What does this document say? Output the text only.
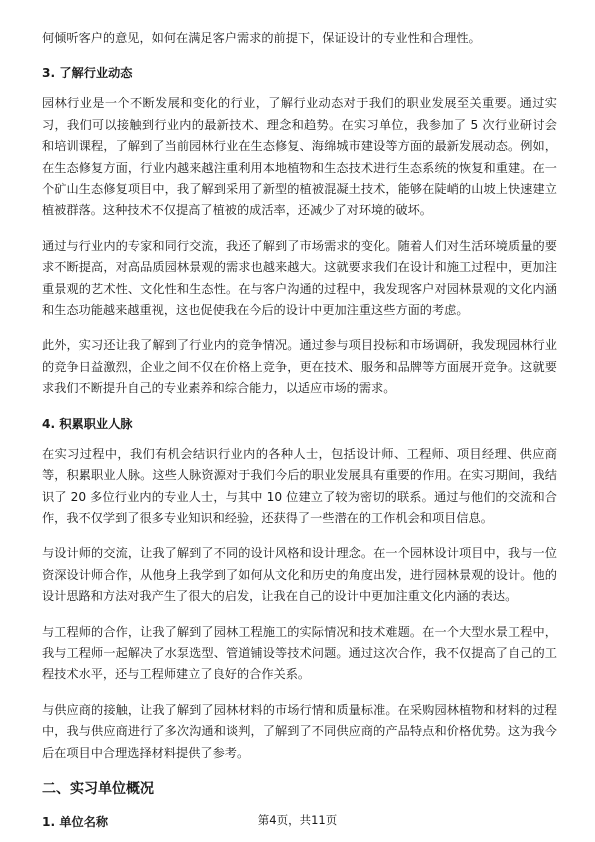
何倾听客户的意见，如何在满足客户需求的前提下，保证设计的专业性和合理性。

3. 了解行业动态

园林行业是一个不断发展和变化的行业，了解行业动态对于我们的职业发展至关重要。通过实习，我们可以接触到行业内的最新技术、理念和趋势。在实习单位，我参加了 5 次行业研讨会和培训课程，了解到了当前园林行业在生态修复、海绵城市建设等方面的最新发展动态。例如，在生态修复方面，行业内越来越注重利用本地植物和生态技术进行生态系统的恢复和重建。在一个矿山生态修复项目中，我了解到采用了新型的植被混凝土技术，能够在陡峭的山坡上快速建立植被群落。这种技术不仅提高了植被的成活率，还减少了对环境的破坏。

通过与行业内的专家和同行交流，我还了解到了市场需求的变化。随着人们对生活环境质量的要求不断提高，对高品质园林景观的需求也越来越大。这就要求我们在设计和施工过程中，更加注重景观的艺术性、文化性和生态性。在与客户沟通的过程中，我发现客户对园林景观的文化内涵和生态功能越来越重视，这也促使我在今后的设计中更加注重这些方面的考虑。

此外，实习还让我了解到了行业内的竞争情况。通过参与项目投标和市场调研，我发现园林行业的竞争日益激烈，企业之间不仅在价格上竞争，更在技术、服务和品牌等方面展开竞争。这就要求我们不断提升自己的专业素养和综合能力，以适应市场的需求。

4. 积累职业人脉

在实习过程中，我们有机会结识行业内的各种人士，包括设计师、工程师、项目经理、供应商等，积累职业人脉。这些人脉资源对于我们今后的职业发展具有重要的作用。在实习期间，我结识了 20 多位行业内的专业人士，与其中 10 位建立了较为密切的联系。通过与他们的交流和合作，我不仅学到了很多专业知识和经验，还获得了一些潜在的工作机会和项目信息。

与设计师的交流，让我了解到了不同的设计风格和设计理念。在一个园林设计项目中，我与一位资深设计师合作，从他身上我学到了如何从文化和历史的角度出发，进行园林景观的设计。他的设计思路和方法对我产生了很大的启发，让我在自己的设计中更加注重文化内涵的表达。

与工程师的合作，让我了解到了园林工程施工的实际情况和技术难题。在一个大型水景工程中，我与工程师一起解决了水泵选型、管道铺设等技术问题。通过这次合作，我不仅提高了自己的工程技术水平，还与工程师建立了良好的合作关系。

与供应商的接触，让我了解到了园林材料的市场行情和质量标准。在采购园林植物和材料的过程中，我与供应商进行了多次沟通和谈判，了解到了不同供应商的产品特点和价格优势。这为我今后在项目中合理选择材料提供了参考。

二、实习单位概况
1. 单位名称	第4页，共11页
